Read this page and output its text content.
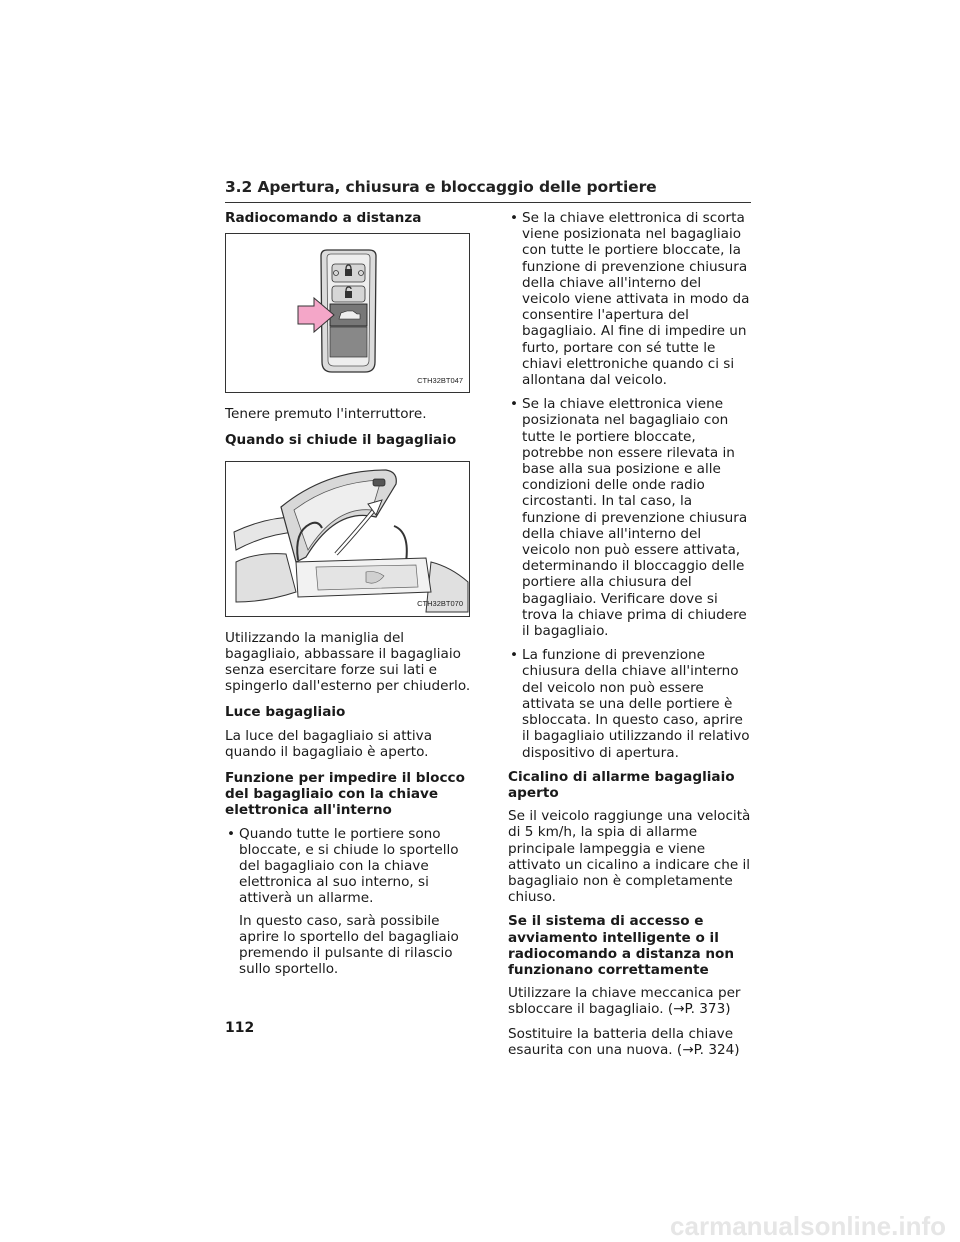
3.2 Apertura, chiusura e bloccaggio delle portiere
Radiocomando a distanza
CTH32BT047
Tenere premuto l'interruttore.
Quando si chiude il bagagliaio
CTH32BT070
Utilizzando la maniglia del bagagliaio, abbassare il bagagliaio senza esercitare forze sui lati e spingerlo dall'esterno per chiuderlo.
Luce bagagliaio
La luce del bagagliaio si attiva quando il bagagliaio è aperto.
Funzione per impedire il blocco del bagagliaio con la chiave elettronica all'interno
• Quando tutte le portiere sono bloccate, e si chiude lo sportello del bagagliaio con la chiave elettronica al suo interno, si attiverà un allarme.
In questo caso, sarà possibile aprire lo sportello del bagagliaio premendo il pulsante di rilascio sullo sportello.
• Se la chiave elettronica di scorta viene posizionata nel bagagliaio con tutte le portiere bloccate, la funzione di prevenzione chiusura della chiave all'interno del veicolo viene attivata in modo da consentire l'apertura del bagagliaio. Al fine di impedire un furto, portare con sé tutte le chiavi elettroniche quando ci si allontana dal veicolo.
• Se la chiave elettronica viene posizionata nel bagagliaio con tutte le portiere bloccate, potrebbe non essere rilevata in base alla sua posizione e alle condizioni delle onde radio circostanti. In tal caso, la funzione di prevenzione chiusura della chiave all'interno del veicolo non può essere attivata, determinando il bloccaggio delle portiere alla chiusura del bagagliaio. Verificare dove si trova la chiave prima di chiudere il bagagliaio.
• La funzione di prevenzione chiusura della chiave all'interno del veicolo non può essere attivata se una delle portiere è sbloccata. In questo caso, aprire il bagagliaio utilizzando il relativo dispositivo di apertura.
Cicalino di allarme bagagliaio aperto
Se il veicolo raggiunge una velocità di 5 km/h, la spia di allarme principale lampeggia e viene attivato un cicalino a indicare che il bagagliaio non è completamente chiuso.
Se il sistema di accesso e avviamento intelligente o il radiocomando a distanza non funzionano correttamente
Utilizzare la chiave meccanica per sbloccare il bagagliaio. (→P. 373)
Sostituire la batteria della chiave esaurita con una nuova. (→P. 324)
112
carmanualsonline.info
